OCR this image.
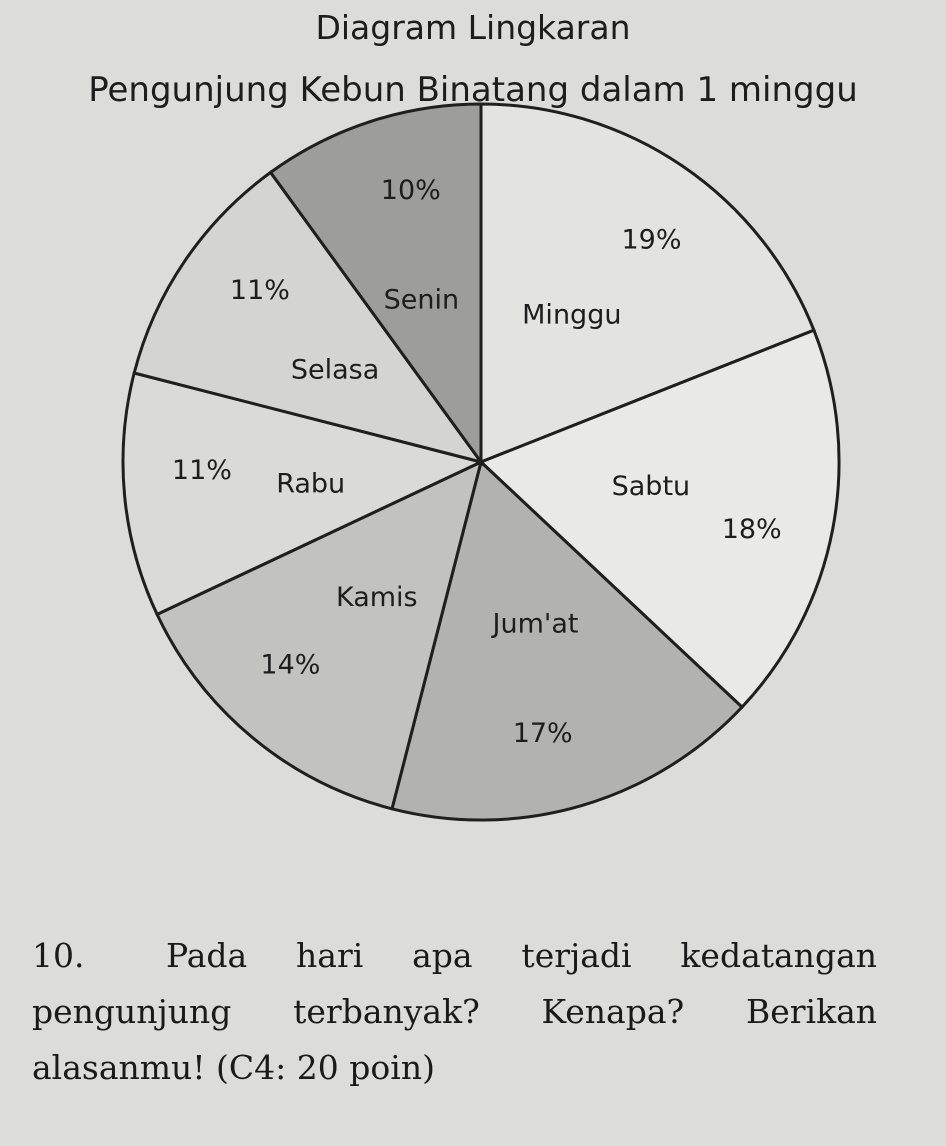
Diagram Lingkaran
Pengunjung Kebun Binatang dalam 1 minggu
19%
Minggu
18%
Sabtu
17%
Jum'at
14%
Kamis
11% Rabu
11%
Selasa
10%
Senin
10. Pada hari apa terjadi kedatangan pengunjung terbanyak? Kenapa? Berikan alasanmu! (C4: 20 poin)
